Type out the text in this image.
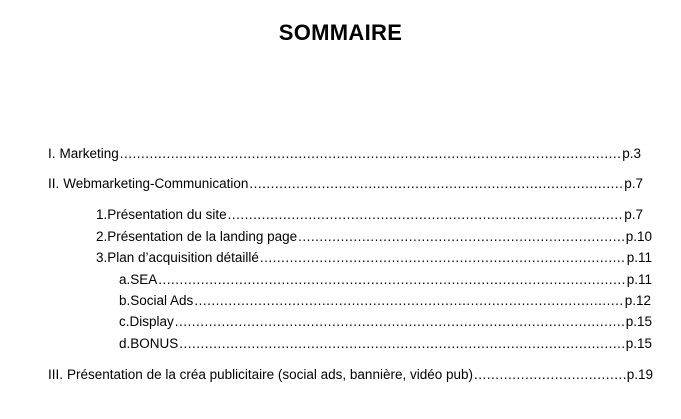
SOMMAIRE
I. Marketing .....	p.3
II. Webmarketing-Communication .....	p.7
1. Présentation du site .....	p.7
2. Présentation de la landing page .....	p.10
3. Plan d’acquisition détaillé .....	p.11
a. SEA .....	p.11
b. Social Ads .....	p.12
c. Display .....	p.15
d. BONUS .....	p.15
III. Présentation de la créa publicitaire (social ads, bannière, vidéo pub) .....	p.19
